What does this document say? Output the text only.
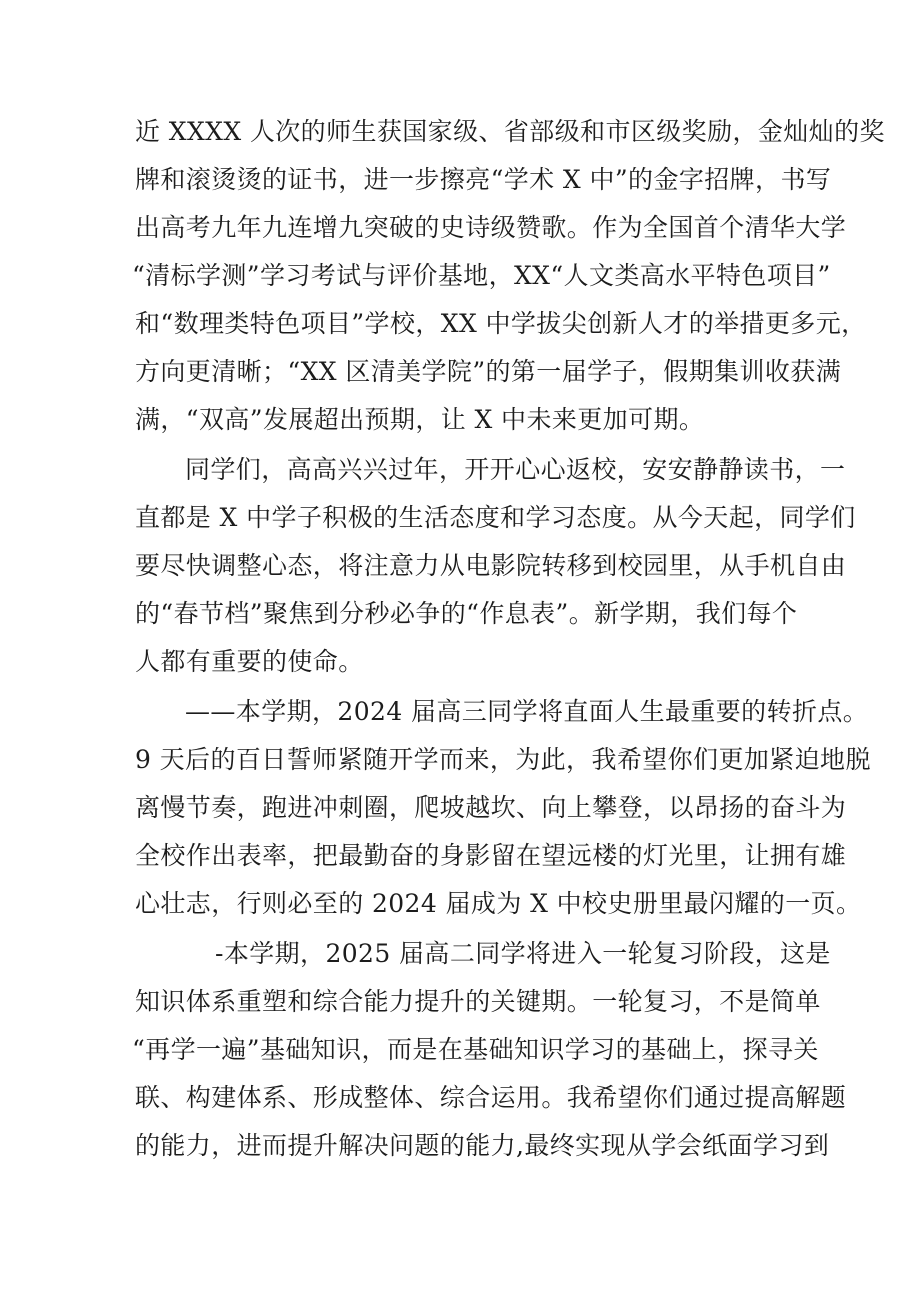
近 XXXX 人次的师生获国家级、省部级和市区级奖励，金灿灿的奖
牌和滚烫烫的证书，进一步擦亮“学术 X 中”的金字招牌，书写
出高考九年九连增九突破的史诗级赞歌。作为全国首个清华大学
“清标学测”学习考试与评价基地，XX“人文类高水平特色项目”
和“数理类特色项目”学校，XX 中学拔尖创新人才的举措更多元，
方向更清晰；“XX 区清美学院”的第一届学子，假期集训收获满
满，“双高”发展超出预期，让 X 中未来更加可期。
同学们，高高兴兴过年，开开心心返校，安安静静读书，一
直都是 X 中学子积极的生活态度和学习态度。从今天起，同学们
要尽快调整心态，将注意力从电影院转移到校园里，从手机自由
的“春节档”聚焦到分秒必争的“作息表”。新学期，我们每个
人都有重要的使命。
——本学期，2024 届高三同学将直面人生最重要的转折点。
9 天后的百日誓师紧随开学而来，为此，我希望你们更加紧迫地脱
离慢节奏，跑进冲刺圈，爬坡越坎、向上攀登，以昂扬的奋斗为
全校作出表率，把最勤奋的身影留在望远楼的灯光里，让拥有雄
心壮志，行则必至的 2024 届成为 X 中校史册里最闪耀的一页。
-本学期，2025 届高二同学将进入一轮复习阶段，这是
知识体系重塑和综合能力提升的关键期。一轮复习，不是简单
“再学一遍”基础知识，而是在基础知识学习的基础上，探寻关
联、构建体系、形成整体、综合运用。我希望你们通过提高解题
的能力，进而提升解决问题的能力,最终实现从学会纸面学习到
